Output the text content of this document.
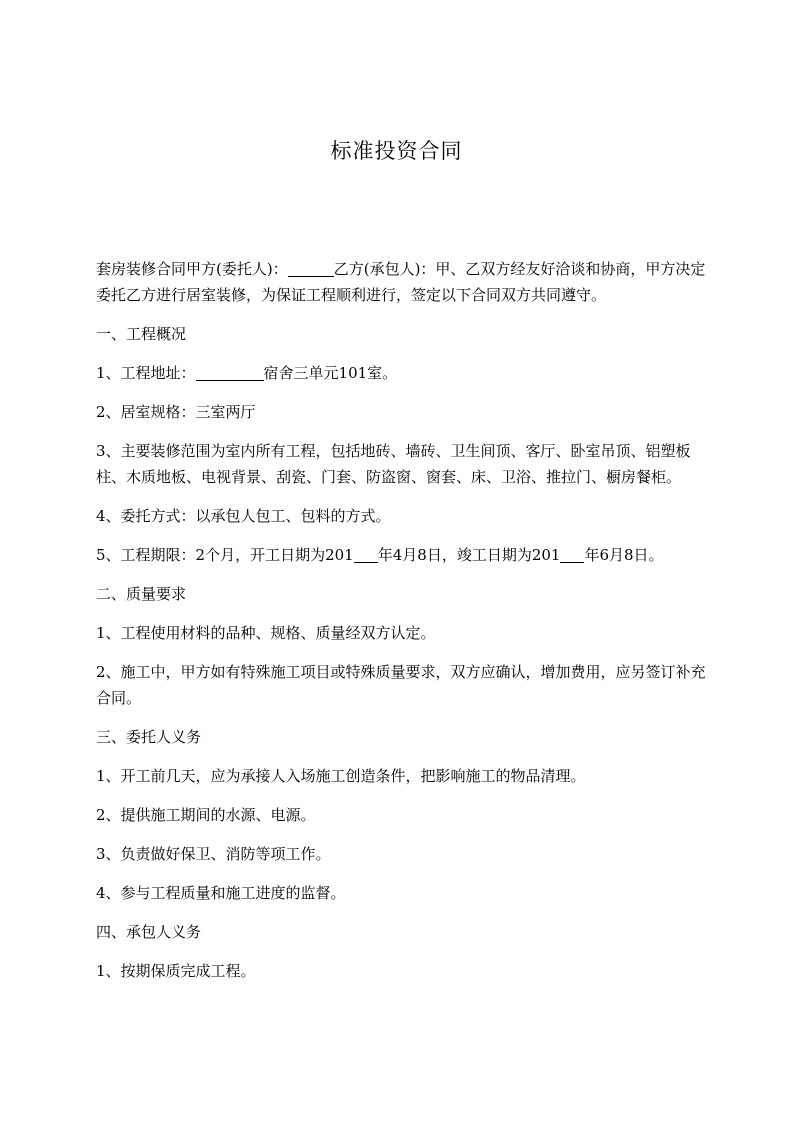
标准投资合同

套房装修合同甲方(委托人)：	乙方(承包人)：甲、乙双方经友好洽谈和协商，甲方决定委托乙方进行居室装修，为保证工程顺利进行，签定以下合同双方共同遵守。

一、工程概况

1、工程地址：	宿舍三单元101室。

2、居室规格：三室两厅

3、主要装修范围为室内所有工程，包括地砖、墙砖、卫生间顶、客厅、卧室吊顶、铝塑板柱、木质地板、电视背景、刮瓷、门套、防盗窗、窗套、床、卫浴、推拉门、橱房餐柜。

4、委托方式：以承包人包工、包料的方式。

5、工程期限：2个月，开工日期为201 年4月8日，竣工日期为201 年6月8日。

二、质量要求

1、工程使用材料的品种、规格、质量经双方认定。

2、施工中，甲方如有特殊施工项目或特殊质量要求，双方应确认，增加费用，应另签订补充合同。

三、委托人义务

1、开工前几天，应为承接人入场施工创造条件，把影响施工的物品清理。

2、提供施工期间的水源、电源。

3、负责做好保卫、消防等项工作。

4、参与工程质量和施工进度的监督。

四、承包人义务

1、按期保质完成工程。
